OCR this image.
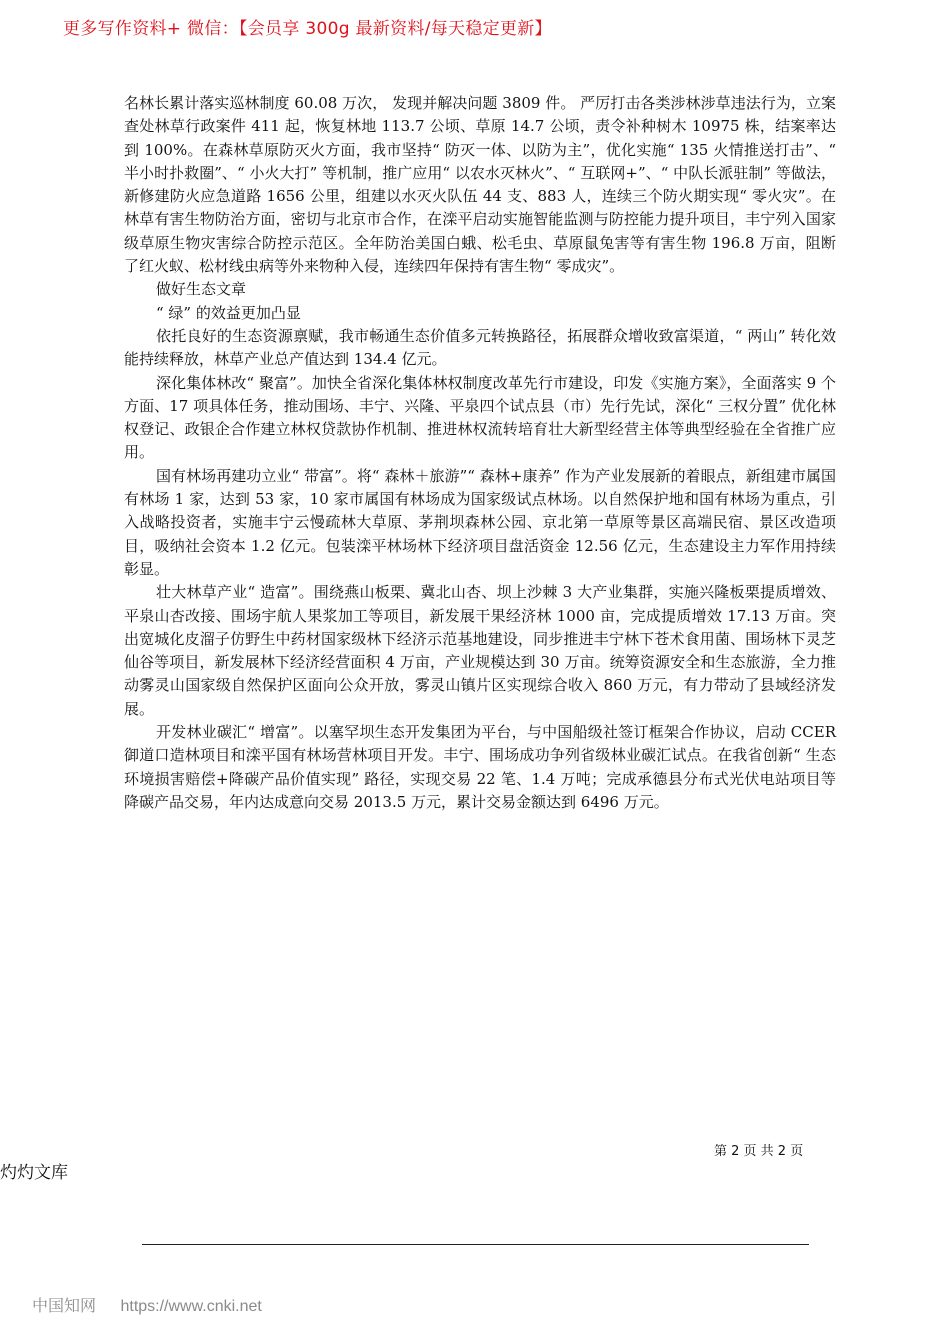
更多写作资料+ 微信：【会员享 300g 最新资料/每天稳定更新】

名林长累计落实巡林制度 60.08 万次， 发现并解决问题 3809 件。 严厉打击各类涉林涉草违法行为，立案查处林草行政案件 411 起，恢复林地 113.7 公顷、草原 14.7 公顷，责令补种树木 10975 株，结案率达到 100%。在森林草原防灭火方面，我市坚持“ 防灭一体、以防为主”，优化实施“ 135 火情推送打击”、“ 半小时扑救圈”、“ 小火大打” 等机制，推广应用“ 以农水灭林火”、“ 互联网+”、“ 中队长派驻制” 等做法，新修建防火应急道路 1656 公里，组建以水灭火队伍 44 支、883 人，连续三个防火期实现“ 零火灾”。在林草有害生物防治方面，密切与北京市合作，在滦平启动实施智能监测与防控能力提升项目，丰宁列入国家级草原生物灾害综合防控示范区。全年防治美国白蛾、松毛虫、草原鼠兔害等有害生物 196.8 万亩，阻断了红火蚁、松材线虫病等外来物种入侵，连续四年保持有害生物“ 零成灾”。

做好生态文章

“ 绿” 的效益更加凸显

依托良好的生态资源禀赋，我市畅通生态价值多元转换路径，拓展群众增收致富渠道，“ 两山” 转化效能持续释放，林草产业总产值达到 134.4 亿元。

深化集体林改“ 聚富”。加快全省深化集体林权制度改革先行市建设，印发《实施方案》，全面落实 9 个方面、17 项具体任务，推动围场、丰宁、兴隆、平泉四个试点县（市）先行先试，深化“ 三权分置” 优化林权登记、政银企合作建立林权贷款协作机制、推进林权流转培育壮大新型经营主体等典型经验在全省推广应用。

国有林场再建功立业“ 带富”。将“ 森林＋旅游”“ 森林+康养” 作为产业发展新的着眼点，新组建市属国有林场 1 家，达到 53 家，10 家市属国有林场成为国家级试点林场。以自然保护地和国有林场为重点，引入战略投资者，实施丰宁云慢疏林大草原、茅荆坝森林公园、京北第一草原等景区高端民宿、景区改造项目，吸纳社会资本 1.2 亿元。包装滦平林场林下经济项目盘活资金 12.56 亿元，生态建设主力军作用持续彰显。

壮大林草产业“ 造富”。围绕燕山板栗、冀北山杏、坝上沙棘 3 大产业集群，实施兴隆板栗提质增效、平泉山杏改接、围场宇航人果浆加工等项目，新发展干果经济林 1000 亩，完成提质增效 17.13 万亩。突出宽城化皮溜子仿野生中药材国家级林下经济示范基地建设，同步推进丰宁林下苍术食用菌、围场林下灵芝仙谷等项目，新发展林下经济经营面积 4 万亩，产业规模达到 30 万亩。统筹资源安全和生态旅游，全力推动雾灵山国家级自然保护区面向公众开放，雾灵山镇片区实现综合收入 860 万元，有力带动了县域经济发展。

开发林业碳汇“ 增富”。以塞罕坝生态开发集团为平台，与中国船级社签订框架合作协议，启动 CCER 御道口造林项目和滦平国有林场营林项目开发。丰宁、围场成功争列省级林业碳汇试点。在我省创新“ 生态环境损害赔偿+降碳产品价值实现” 路径，实现交易 22 笔、1.4 万吨；完成承德县分布式光伏电站项目等降碳产品交易，年内达成意向交易 2013.5 万元，累计交易金额达到 6496 万元。

第 2 页 共 2 页
灼灼文库
中国知网 https://www.cnki.net
